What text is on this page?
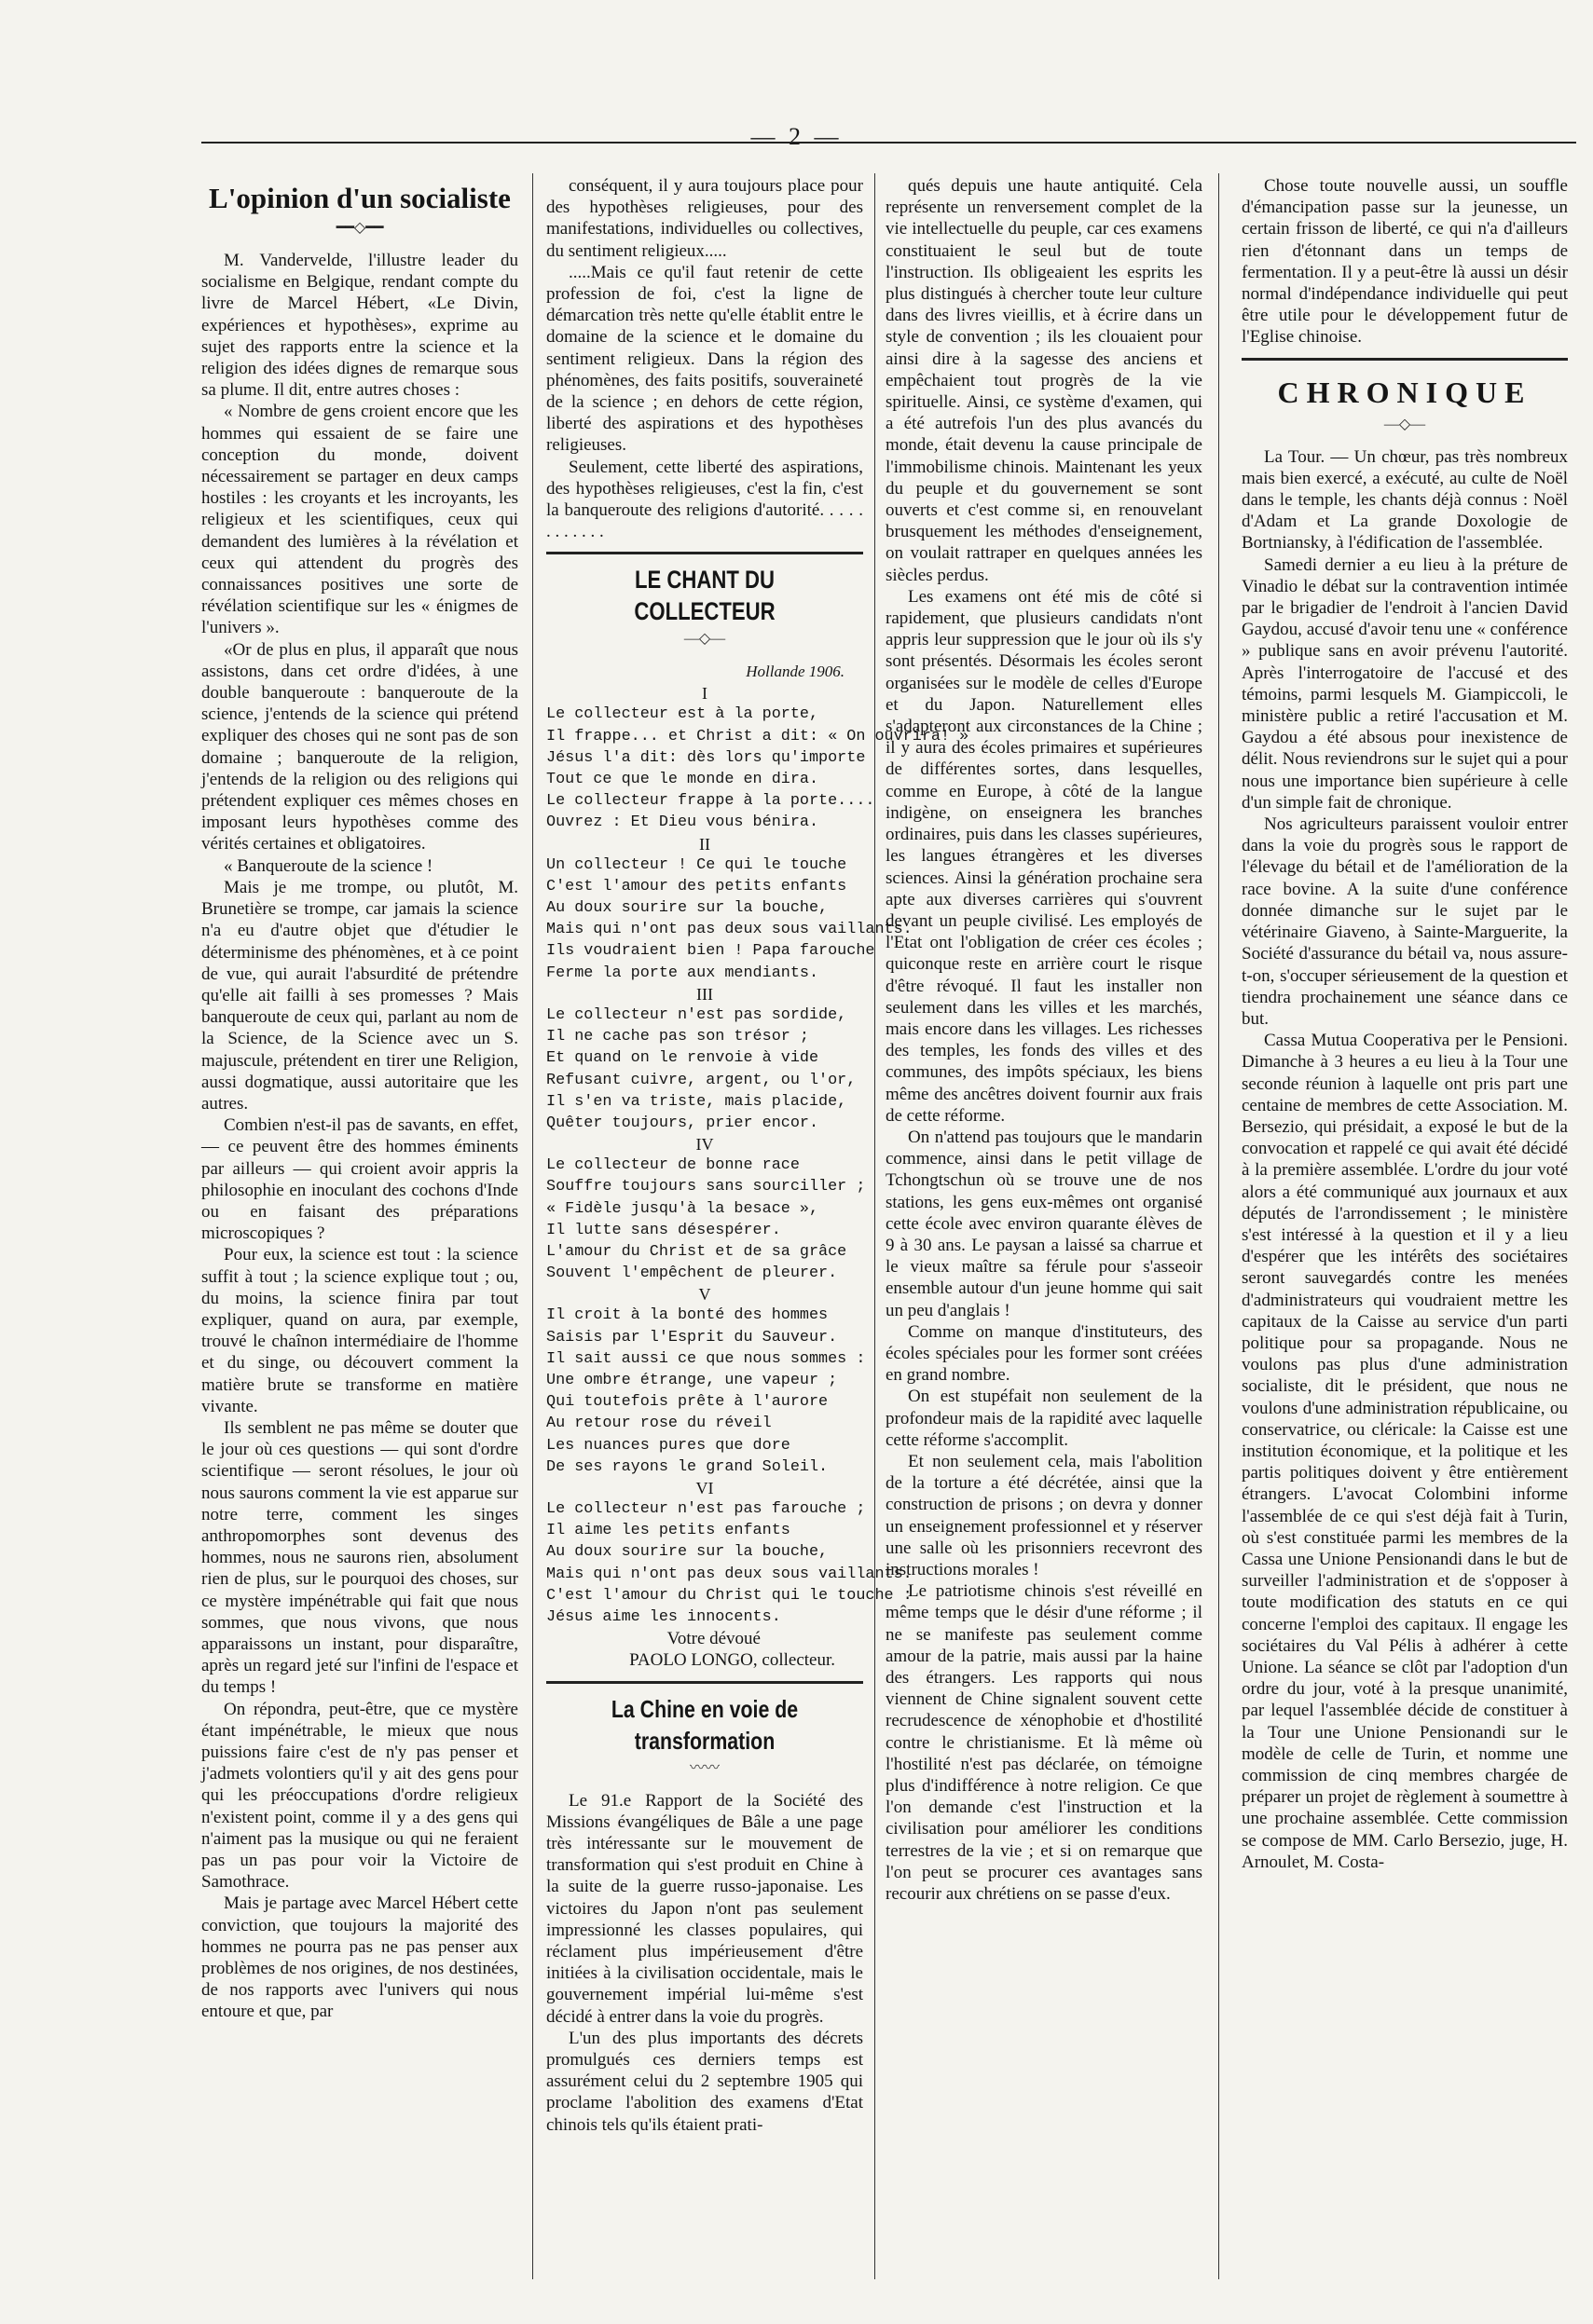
— 2 —
L'opinion d'un socialiste
━━◇━━

M. Vandervelde, l'illustre leader du socialisme en Belgique, rendant compte du livre de Marcel Hébert, «Le Divin, expériences et hypothèses», exprime au sujet des rapports entre la science et la religion des idées dignes de remarque sous sa plume. Il dit, entre autres choses :

« Nombre de gens croient encore que les hommes qui essaient de se faire une conception du monde, doivent nécessairement se partager en deux camps hostiles : les croyants et les incroyants, les religieux et les scientifiques, ceux qui demandent des lumières à la révélation et ceux qui attendent du progrès des connaissances positives une sorte de révélation scientifique sur les « énigmes de l'univers ».

«Or de plus en plus, il apparaît que nous assistons, dans cet ordre d'idées, à une double banqueroute : banqueroute de la science, j'entends de la science qui prétend expliquer des choses qui ne sont pas de son domaine ; banqueroute de la religion, j'entends de la religion ou des religions qui prétendent expliquer ces mêmes choses en imposant leurs hypothèses comme des vérités certaines et obligatoires.

« Banqueroute de la science !

Mais je me trompe, ou plutôt, M. Brunetière se trompe, car jamais la science n'a eu d'autre objet que d'étudier le déterminisme des phénomènes, et à ce point de vue, qui aurait l'absurdité de prétendre qu'elle ait failli à ses promesses ? Mais banqueroute de ceux qui, parlant au nom de la Science, de la Science avec un S. majuscule, prétendent en tirer une Religion, aussi dogmatique, aussi autoritaire que les autres.

Combien n'est-il pas de savants, en effet, — ce peuvent être des hommes éminents par ailleurs — qui croient avoir appris la philosophie en inoculant des cochons d'Inde ou en faisant des préparations microscopiques ?

Pour eux, la science est tout : la science suffit à tout ; la science explique tout ; ou, du moins, la science finira par tout expliquer, quand on aura, par exemple, trouvé le chaînon intermédiaire de l'homme et du singe, ou découvert comment la matière brute se transforme en matière vivante.

Ils semblent ne pas même se douter que le jour où ces questions — qui sont d'ordre scientifique — seront résolues, le jour où nous saurons comment la vie est apparue sur notre terre, comment les singes anthropomorphes sont devenus des hommes, nous ne saurons rien, absolument rien de plus, sur le pourquoi des choses, sur ce mystère impénétrable qui fait que nous sommes, que nous vivons, que nous apparaissons un instant, pour disparaître, après un regard jeté sur l'infini de l'espace et du temps !

On répondra, peut-être, que ce mystère étant impénétrable, le mieux que nous puissions faire c'est de n'y pas penser et j'admets volontiers qu'il y ait des gens pour qui les préoccupations d'ordre religieux n'existent point, comme il y a des gens qui n'aiment pas la musique ou qui ne feraient pas un pas pour voir la Victoire de Samothrace.

Mais je partage avec Marcel Hébert cette conviction, que toujours la majorité des hommes ne pourra pas ne pas penser aux problèmes de nos origines, de nos destinées, de nos rapports avec l'univers qui nous entoure et que, par

conséquent, il y aura toujours place pour des hypothèses religieuses, pour des manifestations, individuelles ou collectives, du sentiment religieux.....

.....Mais ce qu'il faut retenir de cette profession de foi, c'est la ligne de démarcation très nette qu'elle établit entre le domaine de la science et le domaine du sentiment religieux. Dans la région des phénomènes, des faits positifs, souveraineté de la science ; en dehors de cette région, liberté des aspirations et des hypothèses religieuses.

Seulement, cette liberté des aspirations, des hypothèses religieuses, c'est la fin, c'est la banqueroute des religions d'autorité. . . . . . . . . . . .

LE CHANT DU COLLECTEUR
—◇—
Hollande 1906.
I
Le collecteur est à la porte,
Il frappe... et Christ a dit: « On ouvrira! »
Jésus l'a dit: dès lors qu'importe
Tout ce que le monde en dira.
Le collecteur frappe à la porte....
Ouvrez : Et Dieu vous bénira.
II
Un collecteur ! Ce qui le touche
C'est l'amour des petits enfants
Au doux sourire sur la bouche,
Mais qui n'ont pas deux sous vaillants.
Ils voudraient bien ! Papa farouche
Ferme la porte aux mendiants.
III
Le collecteur n'est pas sordide,
Il ne cache pas son trésor ;
Et quand on le renvoie à vide
Refusant cuivre, argent, ou l'or,
Il s'en va triste, mais placide,
Quêter toujours, prier encor.
IV
Le collecteur de bonne race
Souffre toujours sans sourciller ;
« Fidèle jusqu'à la besace »,
Il lutte sans désespérer.
L'amour du Christ et de sa grâce
Souvent l'empêchent de pleurer.
V
Il croit à la bonté des hommes
Saisis par l'Esprit du Sauveur.
Il sait aussi ce que nous sommes :
Une ombre étrange, une vapeur ;
Qui toutefois prête à l'aurore
Au retour rose du réveil
Les nuances pures que dore
De ses rayons le grand Soleil.
VI
Le collecteur n'est pas farouche ;
Il aime les petits enfants
Au doux sourire sur la bouche,
Mais qui n'ont pas deux sous vaillants.
C'est l'amour du Christ qui le touche :
Jésus aime les innocents.
Votre dévoué
PAOLO LONGO, collecteur.
La Chine en voie de transformation
〰〰

Le 91.e Rapport de la Société des Missions évangéliques de Bâle a une page très intéressante sur le mouvement de transformation qui s'est produit en Chine à la suite de la guerre russo-japonaise. Les victoires du Japon n'ont pas seulement impressionné les classes populaires, qui réclament plus impérieusement d'être initiées à la civilisation occidentale, mais le gouvernement impérial lui-même s'est décidé à entrer dans la voie du progrès.

L'un des plus importants des décrets promulgués ces derniers temps est assurément celui du 2 septembre 1905 qui proclame l'abolition des examens d'Etat chinois tels qu'ils étaient prati-

qués depuis une haute antiquité. Cela représente un renversement complet de la vie intellectuelle du peuple, car ces examens constituaient le seul but de toute l'instruction. Ils obligeaient les esprits les plus distingués à chercher toute leur culture dans des livres vieillis, et à écrire dans un style de convention ; ils les clouaient pour ainsi dire à la sagesse des anciens et empêchaient tout progrès de la vie spirituelle. Ainsi, ce système d'examen, qui a été autrefois l'un des plus avancés du monde, était devenu la cause principale de l'immobilisme chinois. Maintenant les yeux du peuple et du gouvernement se sont ouverts et c'est comme si, en renouvelant brusquement les méthodes d'enseignement, on voulait rattraper en quelques années les siècles perdus.

Les examens ont été mis de côté si rapidement, que plusieurs candidats n'ont appris leur suppression que le jour où ils s'y sont présentés. Désormais les écoles seront organisées sur le modèle de celles d'Europe et du Japon. Naturellement elles s'adapteront aux circonstances de la Chine ; il y aura des écoles primaires et supérieures de différentes sortes, dans lesquelles, comme en Europe, à côté de la langue indigène, on enseignera les branches ordinaires, puis dans les classes supérieures, les langues étrangères et les diverses sciences. Ainsi la génération prochaine sera apte aux diverses carrières qui s'ouvrent devant un peuple civilisé. Les employés de l'Etat ont l'obligation de créer ces écoles ; quiconque reste en arrière court le risque d'être révoqué. Il faut les installer non seulement dans les villes et les marchés, mais encore dans les villages. Les richesses des temples, les fonds des villes et des communes, des impôts spéciaux, les biens même des ancêtres doivent fournir aux frais de cette réforme.

On n'attend pas toujours que le mandarin commence, ainsi dans le petit village de Tchongtschun où se trouve une de nos stations, les gens eux-mêmes ont organisé cette école avec environ quarante élèves de 9 à 30 ans. Le paysan a laissé sa charrue et le vieux maître sa férule pour s'asseoir ensemble autour d'un jeune homme qui sait un peu d'anglais !

Comme on manque d'instituteurs, des écoles spéciales pour les former sont créées en grand nombre.

On est stupéfait non seulement de la profondeur mais de la rapidité avec laquelle cette réforme s'accomplit.

Et non seulement cela, mais l'abolition de la torture a été décrétée, ainsi que la construction de prisons ; on devra y donner un enseignement professionnel et y réserver une salle où les prisonniers recevront des instructions morales !

Le patriotisme chinois s'est réveillé en même temps que le désir d'une réforme ; il ne se manifeste pas seulement comme amour de la patrie, mais aussi par la haine des étrangers. Les rapports qui nous viennent de Chine signalent souvent cette recrudescence de xénophobie et d'hostilité contre le christianisme. Et là même où l'hostilité n'est pas déclarée, on témoigne plus d'indifférence à notre religion. Ce que l'on demande c'est l'instruction et la civilisation pour améliorer les conditions terrestres de la vie ; et si on remarque que l'on peut se procurer ces avantages sans recourir aux chrétiens on se passe d'eux.

Chose toute nouvelle aussi, un souffle d'émancipation passe sur la jeunesse, un certain frisson de liberté, ce qui n'a d'ailleurs rien d'étonnant dans un temps de fermentation. Il y a peut-être là aussi un désir normal d'indépendance individuelle qui peut être utile pour le développement futur de l'Eglise chinoise.

CHRONIQUE
—◇—

La Tour. — Un chœur, pas très nombreux mais bien exercé, a exécuté, au culte de Noël dans le temple, les chants déjà connus : Noël d'Adam et La grande Doxologie de Bortniansky, à l'édification de l'assemblée.

Samedi dernier a eu lieu à la préture de Vinadio le débat sur la contravention intimée par le brigadier de l'endroit à l'ancien David Gaydou, accusé d'avoir tenu une « conférence » publique sans en avoir prévenu l'autorité. Après l'interrogatoire de l'accusé et des témoins, parmi lesquels M. Giampiccoli, le ministère public a retiré l'accusation et M. Gaydou a été absous pour inexistence de délit. Nous reviendrons sur le sujet qui a pour nous une importance bien supérieure à celle d'un simple fait de chronique.

Nos agriculteurs paraissent vouloir entrer dans la voie du progrès sous le rapport de l'élevage du bétail et de l'amélioration de la race bovine. A la suite d'une conférence donnée dimanche sur le sujet par le vétérinaire Giaveno, à Sainte-Marguerite, la Société d'assurance du bétail va, nous assure-t-on, s'occuper sérieusement de la question et tiendra prochainement une séance dans ce but.

Cassa Mutua Cooperativa per le Pensioni. Dimanche à 3 heures a eu lieu à la Tour une seconde réunion à laquelle ont pris part une centaine de membres de cette Association. M. Bersezio, qui présidait, a exposé le but de la convocation et rappelé ce qui avait été décidé à la première assemblée. L'ordre du jour voté alors a été communiqué aux journaux et aux députés de l'arrondissement ; le ministère s'est intéressé à la question et il y a lieu d'espérer que les intérêts des sociétaires seront sauvegardés contre les menées d'administrateurs qui voudraient mettre les capitaux de la Caisse au service d'un parti politique pour sa propagande. Nous ne voulons pas plus d'une administration socialiste, dit le président, que nous ne voulons d'une administration républicaine, ou conservatrice, ou cléricale: la Caisse est une institution économique, et la politique et les partis politiques doivent y être entièrement étrangers. L'avocat Colombini informe l'assemblée de ce qui s'est déjà fait à Turin, où s'est constituée parmi les membres de la Cassa une Unione Pensionandi dans le but de surveiller l'administration et de s'opposer à toute modification des statuts en ce qui concerne l'emploi des capitaux. Il engage les sociétaires du Val Pélis à adhérer à cette Unione. La séance se clôt par l'adoption d'un ordre du jour, voté à la presque unanimité, par lequel l'assemblée décide de constituer à la Tour une Unione Pensionandi sur le modèle de celle de Turin, et nomme une commission de cinq membres chargée de préparer un projet de règlement à soumettre à une prochaine assemblée. Cette commission se compose de MM. Carlo Bersezio, juge, H. Arnoulet, M. Costa-
